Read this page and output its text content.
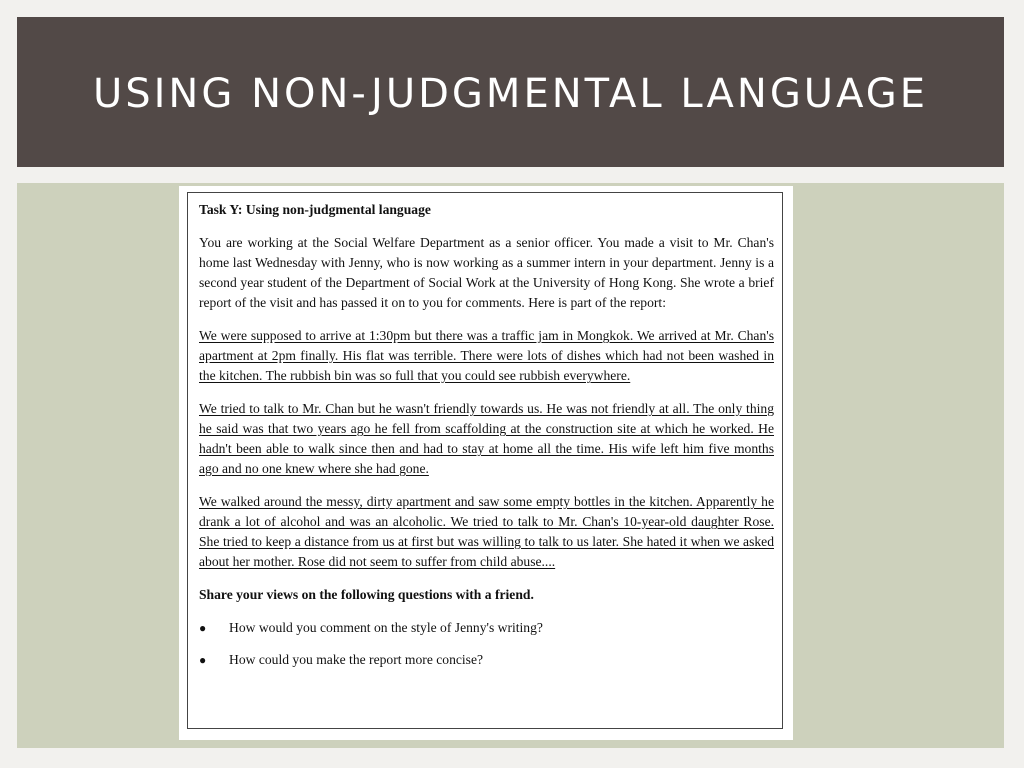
USING NON-JUDGMENTAL LANGUAGE

Task Y: Using non-judgmental language

You are working at the Social Welfare Department as a senior officer. You made a visit to Mr. Chan's home last Wednesday with Jenny, who is now working as a summer intern in your department. Jenny is a second year student of the Department of Social Work at the University of Hong Kong. She wrote a brief report of the visit and has passed it on to you for comments. Here is part of the report:

We were supposed to arrive at 1:30pm but there was a traffic jam in Mongkok. We arrived at Mr. Chan's apartment at 2pm finally. His flat was terrible. There were lots of dishes which had not been washed in the kitchen. The rubbish bin was so full that you could see rubbish everywhere.

We tried to talk to Mr. Chan but he wasn't friendly towards us. He was not friendly at all. The only thing he said was that two years ago he fell from scaffolding at the construction site at which he worked. He hadn't been able to walk since then and had to stay at home all the time. His wife left him five months ago and no one knew where she had gone.

We walked around the messy, dirty apartment and saw some empty bottles in the kitchen. Apparently he drank a lot of alcohol and was an alcoholic. We tried to talk to Mr. Chan's 10-year-old daughter Rose. She tried to keep a distance from us at first but was willing to talk to us later. She hated it when we asked about her mother. Rose did not seem to suffer from child abuse....

Share your views on the following questions with a friend.

●	How would you comment on the style of Jenny's writing?
●	How could you make the report more concise?
